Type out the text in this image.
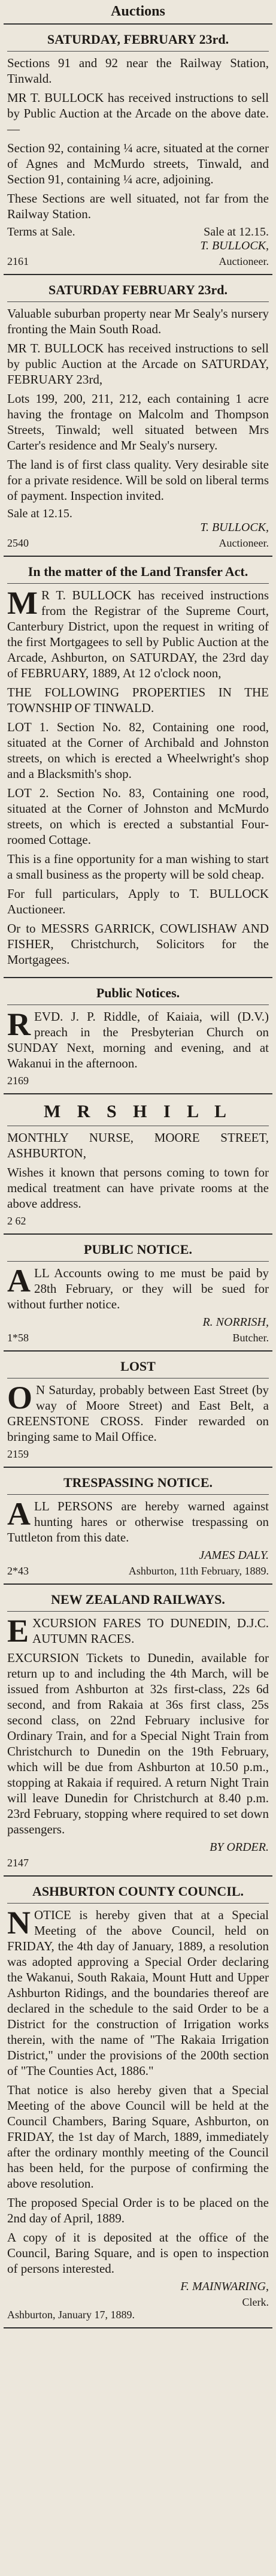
Auctions
SATURDAY, FEBRUARY 23rd.

Sections 91 and 92 near the Railway Station, Tinwald.

MR T. BULLOCK has received instructions to sell by Public Auction at the Arcade on the above date.—

Section 92, containing ¼ acre, situated at the corner of Agnes and McMurdo streets, Tinwald, and Section 91, containing ¼ acre, adjoining.

These Sections are well situated, not far from the Railway Station.

Terms at Sale.	Sale at 12.15.
T. BULLOCK,
2161	Auctioneer.
SATURDAY FEBRUARY 23rd.

Valuable suburban property near Mr Sealy's nursery fronting the Main South Road.

MR T. BULLOCK has received instructions to sell by public Auction at the Arcade on SATURDAY, FEBRUARY 23rd,

Lots 199, 200, 211, 212, each containing 1 acre having the frontage on Malcolm and Thompson Streets, Tinwald; well situated between Mrs Carter's residence and Mr Sealy's nursery.

The land is of first class quality. Very desirable site for a private residence. Will be sold on liberal terms of payment. Inspection invited.

Sale at 12.15.
T. BULLOCK,
2540	Auctioneer.
In the matter of the Land Transfer Act.

MR T. BULLOCK has received instructions from the Registrar of the Supreme Court, Canterbury District, upon the request in writing of the first Mortgagees to sell by Public Auction at the Arcade, Ashburton, on SATURDAY, the 23rd day of FEBRUARY, 1889, At 12 o'clock noon,

THE FOLLOWING PROPERTIES IN THE TOWNSHIP OF TINWALD.

LOT 1. Section No. 82, Containing one rood, situated at the Corner of Archibald and Johnston streets, on which is erected a Wheelwright's shop and a Blacksmith's shop.

LOT 2. Section No. 83, Containing one rood, situated at the Corner of Johnston and McMurdo streets, on which is erected a substantial Four-roomed Cottage.

This is a fine opportunity for a man wishing to start a small business as the property will be sold cheap.

For full particulars, Apply to T. BULLOCK Auctioneer.

Or to MESSRS GARRICK, COWLISHAW AND FISHER, Christchurch, Solicitors for the Mortgagees.

Public Notices.

REVD. J. P. Riddle, of Kaiaia, will (D.V.) preach in the Presbyterian Church on SUNDAY Next, morning and evening, and at Wakanui in the afternoon.

2169
M R S H I L L

MONTHLY NURSE, MOORE STREET, ASHBURTON,

Wishes it known that persons coming to town for medical treatment can have private rooms at the above address.

2 62
PUBLIC NOTICE.

ALL Accounts owing to me must be paid by 28th February, or they will be sued for without further notice.

R. NORRISH,
1*58	Butcher.
LOST

ON Saturday, probably between East Street (by way of Moore Street) and East Belt, a GREENSTONE CROSS. Finder rewarded on bringing same to Mail Office.

2159
TRESPASSING NOTICE.

ALL PERSONS are hereby warned against hunting hares or otherwise trespassing on Tuttleton from this date.

JAMES DALY.
2*43	Ashburton, 11th February, 1889.
NEW ZEALAND RAILWAYS.

EXCURSION FARES TO DUNEDIN, D.J.C. AUTUMN RACES.

EXCURSION Tickets to Dunedin, available for return up to and including the 4th March, will be issued from Ashburton at 32s first-class, 22s 6d second, and from Rakaia at 36s first class, 25s second class, on 22nd February inclusive for Ordinary Train, and for a Special Night Train from Christchurch to Dunedin on the 19th February, which will be due from Ashburton at 10.50 p.m., stopping at Rakaia if required. A return Night Train will leave Dunedin for Christchurch at 8.40 p.m. 23rd February, stopping where required to set down passengers.

BY ORDER.
2147
ASHBURTON COUNTY COUNCIL.

NOTICE is hereby given that at a Special Meeting of the above Council, held on FRIDAY, the 4th day of January, 1889, a resolution was adopted approving a Special Order declaring the Wakanui, South Rakaia, Mount Hutt and Upper Ashburton Ridings, and the boundaries thereof are declared in the schedule to the said Order to be a District for the construction of Irrigation works therein, with the name of "The Rakaia Irrigation District," under the provisions of the 200th section of "The Counties Act, 1886."

That notice is also hereby given that a Special Meeting of the above Council will be held at the Council Chambers, Baring Square, Ashburton, on FRIDAY, the 1st day of March, 1889, immediately after the ordinary monthly meeting of the Council has been held, for the purpose of confirming the above resolution.

The proposed Special Order is to be placed on the 2nd day of April, 1889.

A copy of it is deposited at the office of the Council, Baring Square, and is open to inspection of persons interested.

F. MAINWARING,
Clerk.
Ashburton, January 17, 1889.
